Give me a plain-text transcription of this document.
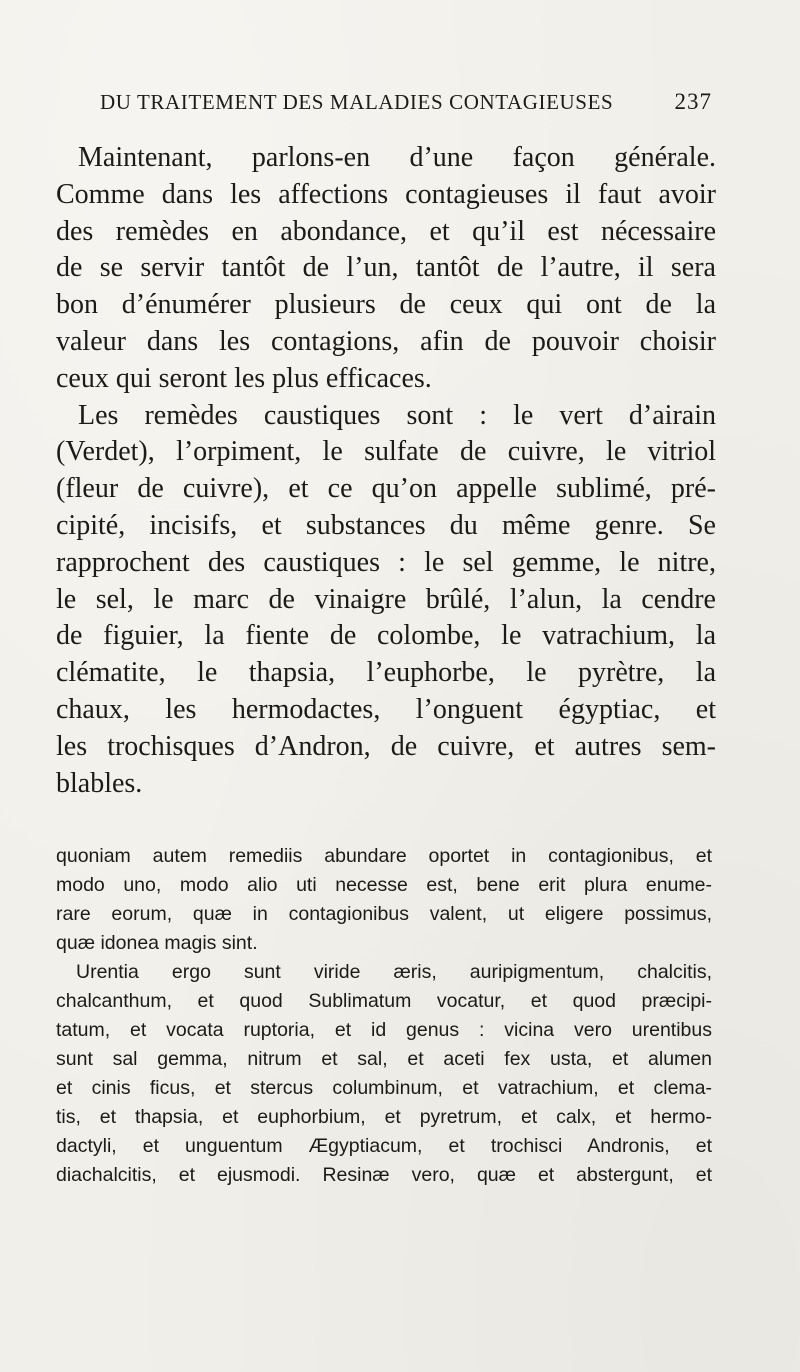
DU TRAITEMENT DES MALADIES CONTAGIEUSES	237

Maintenant, parlons-en d’une façon générale.
Comme dans les affections contagieuses il faut avoir
des remèdes en abondance, et qu’il est nécessaire
de se servir tantôt de l’un, tantôt de l’autre, il sera
bon d’énumérer plusieurs de ceux qui ont de la
valeur dans les contagions, afin de pouvoir choisir
ceux qui seront les plus efficaces.

Les remèdes caustiques sont : le vert d’airain
(Verdet), l’orpiment, le sulfate de cuivre, le vitriol
(fleur de cuivre), et ce qu’on appelle sublimé, pré-
cipité, incisifs, et substances du même genre. Se
rapprochent des caustiques : le sel gemme, le nitre,
le sel, le marc de vinaigre brûlé, l’alun, la cendre
de figuier, la fiente de colombe, le vatrachium, la
clématite, le thapsia, l’euphorbe, le pyrètre, la
chaux, les hermodactes, l’onguent égyptiac, et
les trochisques d’Andron, de cuivre, et autres sem-
blables.

quoniam autem remediis abundare oportet in contagionibus, et
modo uno, modo alio uti necesse est, bene erit plura enume-
rare eorum, quæ in contagionibus valent, ut eligere possimus,
quæ idonea magis sint.
Urentia ergo sunt viride æris, auripigmentum, chalcitis,
chalcanthum, et quod Sublimatum vocatur, et quod præcipi-
tatum, et vocata ruptoria, et id genus : vicina vero urentibus
sunt sal gemma, nitrum et sal, et aceti fex usta, et alumen
et cinis ficus, et stercus columbinum, et vatrachium, et clema-
tis, et thapsia, et euphorbium, et pyretrum, et calx, et hermo-
dactyli, et unguentum Ægyptiacum, et trochisci Andronis, et
diachalcitis, et ejusmodi. Resinæ vero, quæ et abstergunt, et
